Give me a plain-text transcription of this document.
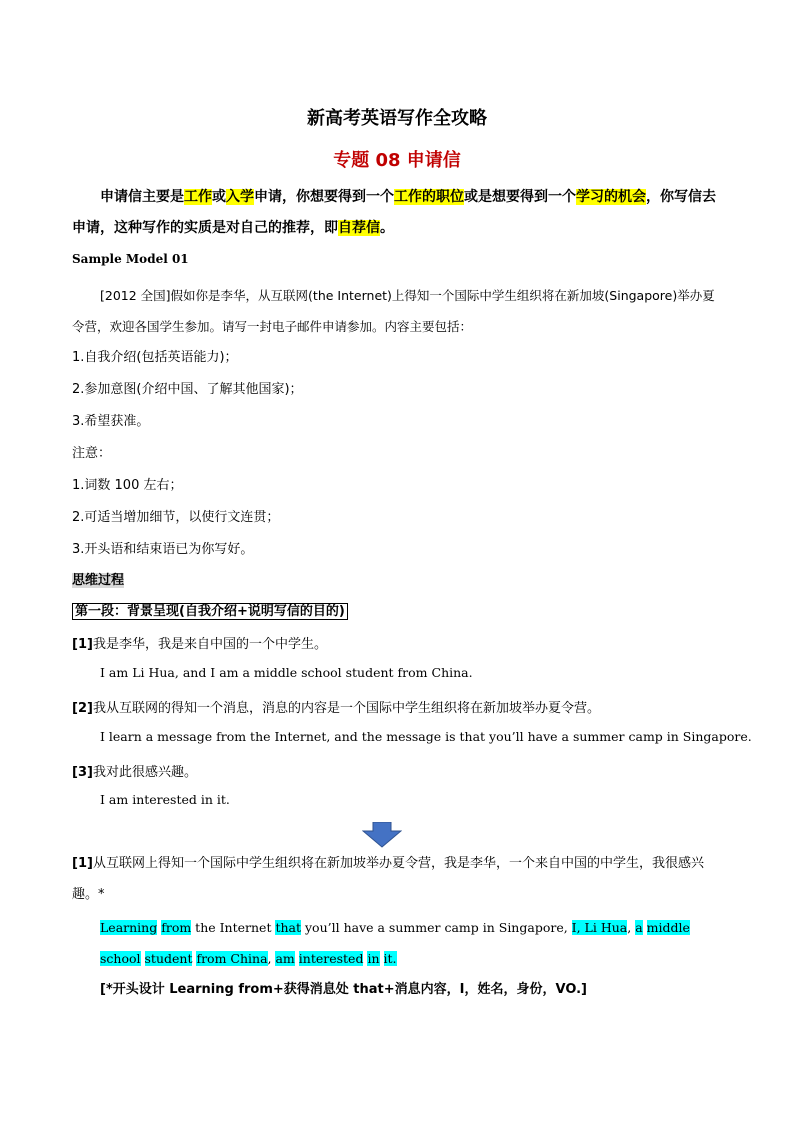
新高考英语写作全攻略
专题 08 申请信
申请信主要是工作或入学申请，你想要得到一个工作的职位或是想要得到一个学习的机会，你写信去申请，这种写作的实质是对自己的推荐，即自荐信。
Sample Model 01
[2012 全国]假如你是李华，从互联网(the Internet)上得知一个国际中学生组织将在新加坡(Singapore)举办夏令营，欢迎各国学生参加。请写一封电子邮件申请参加。内容主要包括：
1.自我介绍(包括英语能力)；
2.参加意图(介绍中国、了解其他国家)；
3.希望获准。
注意：
1.词数 100 左右；
2.可适当增加细节，以使行文连贯；
3.开头语和结束语已为你写好。
思维过程
第一段：背景呈现(自我介绍+说明写信的目的)
[1]我是李华，我是来自中国的一个中学生。
I am Li Hua, and I am a middle school student from China.
[2]我从互联网的得知一个消息，消息的内容是一个国际中学生组织将在新加坡举办夏令营。
I learn a message from the Internet, and the message is that you’ll have a summer camp in Singapore.
[3]我对此很感兴趣。
I am interested in it.
[1]从互联网上得知一个国际中学生组织将在新加坡举办夏令营，我是李华，一个来自中国的中学生，我很感兴趣。*
Learning from the Internet that you’ll have a summer camp in Singapore, I, Li Hua, a middle school student from China, am interested in it.
[*开头设计 Learning from+获得消息处 that+消息内容，I，姓名，身份，VO.]
